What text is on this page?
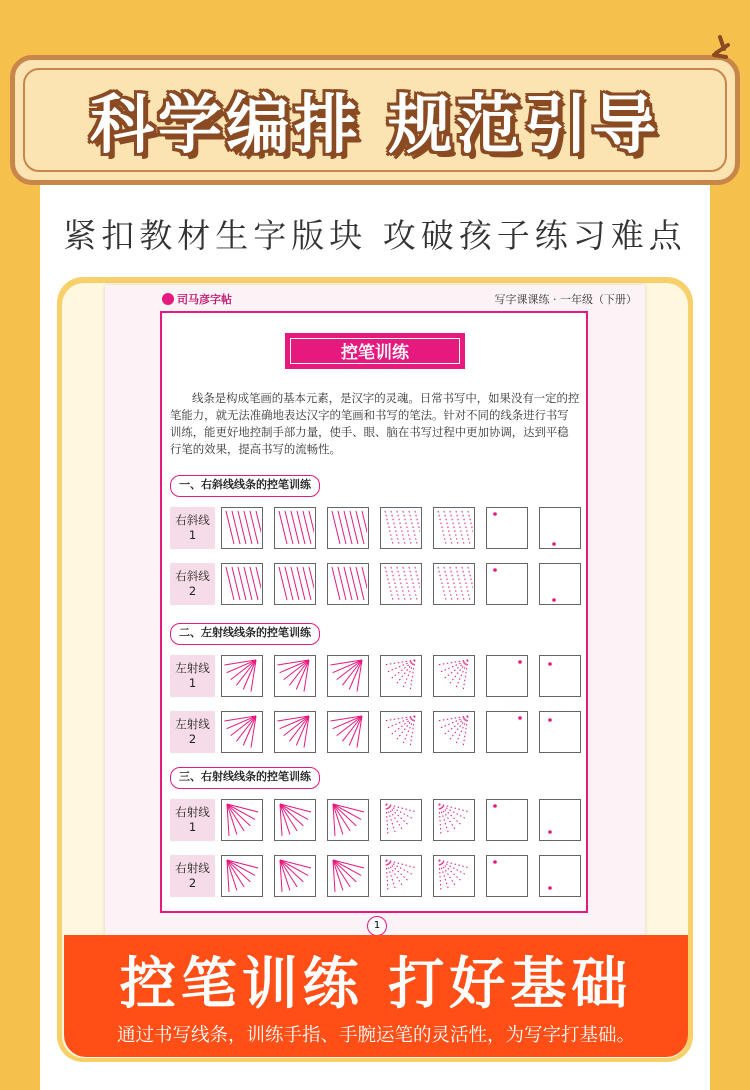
科学编排 规范引导
紧扣教材生字版块 攻破孩子练习难点
司马彦字帖	写字课课练 · 一年级（下册）
控笔训练
线条是构成笔画的基本元素，是汉字的灵魂。日常书写中，如果没有一定的控笔能力，就无法准确地表达汉字的笔画和书写的笔法。针对不同的线条进行书写训练，能更好地控制手部力量，使手、眼、脑在书写过程中更加协调，达到平稳行笔的效果，提高书写的流畅性。
一、右斜线线条的控笔训练
右斜线
1
右斜线
2
二、左射线线条的控笔训练
左射线
1
左射线
2
三、右射线线条的控笔训练
右射线
1
右射线
2
1
控笔训练 打好基础
通过书写线条，训练手指、手腕运笔的灵活性，为写字打基础。
